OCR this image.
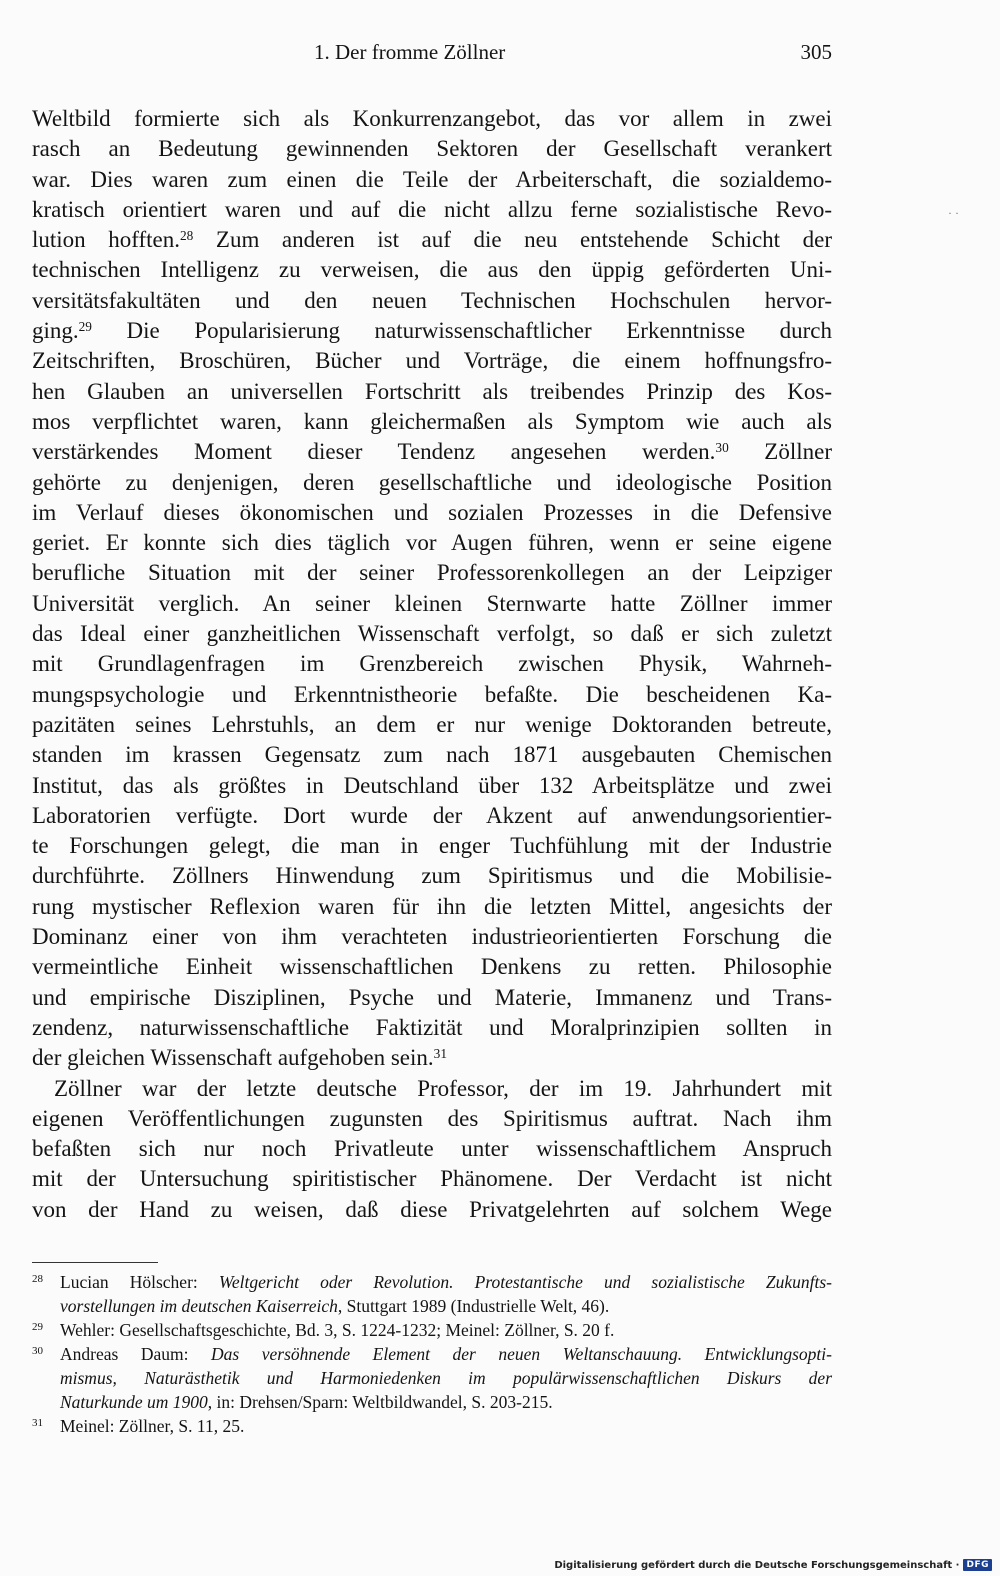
1. Der fromme Zöllner	305
· ·

Weltbild formierte sich als Konkurrenzangebot, das vor allem in zwei

rasch an Bedeutung gewinnenden Sektoren der Gesellschaft verankert

war. Dies waren zum einen die Teile der Arbeiterschaft, die sozialdemo-

kratisch orientiert waren und auf die nicht allzu ferne sozialistische Revo-

lution hofften.$^{28}$ Zum anderen ist auf die neu entstehende Schicht der

technischen Intelligenz zu verweisen, die aus den üppig geförderten Uni-

versitätsfakultäten und den neuen Technischen Hochschulen hervor-

ging.$^{29}$ Die Popularisierung naturwissenschaftlicher Erkenntnisse durch

Zeitschriften, Broschüren, Bücher und Vorträge, die einem hoffnungsfro-

hen Glauben an universellen Fortschritt als treibendes Prinzip des Kos-

mos verpflichtet waren, kann gleichermaßen als Symptom wie auch als

verstärkendes Moment dieser Tendenz angesehen werden.$^{30}$ Zöllner

gehörte zu denjenigen, deren gesellschaftliche und ideologische Position

im Verlauf dieses ökonomischen und sozialen Prozesses in die Defensive

geriet. Er konnte sich dies täglich vor Augen führen, wenn er seine eigene

berufliche Situation mit der seiner Professorenkollegen an der Leipziger

Universität verglich. An seiner kleinen Sternwarte hatte Zöllner immer

das Ideal einer ganzheitlichen Wissenschaft verfolgt, so daß er sich zuletzt

mit Grundlagenfragen im Grenzbereich zwischen Physik, Wahrneh-

mungspsychologie und Erkenntnistheorie befaßte. Die bescheidenen Ka-

pazitäten seines Lehrstuhls, an dem er nur wenige Doktoranden betreute,

standen im krassen Gegensatz zum nach 1871 ausgebauten Chemischen

Institut, das als größtes in Deutschland über 132 Arbeitsplätze und zwei

Laboratorien verfügte. Dort wurde der Akzent auf anwendungsorientier-

te Forschungen gelegt, die man in enger Tuchfühlung mit der Industrie

durchführte. Zöllners Hinwendung zum Spiritismus und die Mobilisie-

rung mystischer Reflexion waren für ihn die letzten Mittel, angesichts der

Dominanz einer von ihm verachteten industrieorientierten Forschung die

vermeintliche Einheit wissenschaftlichen Denkens zu retten. Philosophie

und empirische Disziplinen, Psyche und Materie, Immanenz und Trans-

zendenz, naturwissenschaftliche Faktizität und Moralprinzipien sollten in

der gleichen Wissenschaft aufgehoben sein.$^{31}$

Zöllner war der letzte deutsche Professor, der im 19. Jahrhundert mit

eigenen Veröffentlichungen zugunsten des Spiritismus auftrat. Nach ihm

befaßten sich nur noch Privatleute unter wissenschaftlichem Anspruch

mit der Untersuchung spiritistischer Phänomene. Der Verdacht ist nicht

von der Hand zu weisen, daß diese Privatgelehrten auf solchem Wege

28 Lucian Hölscher: Weltgericht oder Revolution. Protestantische und sozialistische Zukunfts-
vorstellungen im deutschen Kaiserreich, Stuttgart 1989 (Industrielle Welt, 46).
29 Wehler: Gesellschaftsgeschichte, Bd. 3, S. 1224-1232; Meinel: Zöllner, S. 20 f.
30 Andreas Daum: Das versöhnende Element der neuen Weltanschauung. Entwicklungsopti-
mismus, Naturästhetik und Harmoniedenken im populärwissenschaftlichen Diskurs der
Naturkunde um 1900, in: Drehsen/Sparn: Weltbildwandel, S. 203-215.
31 Meinel: Zöllner, S. 11, 25.
Digitalisierung gefördert durch die Deutsche Forschungsgemeinschaft · DFG
